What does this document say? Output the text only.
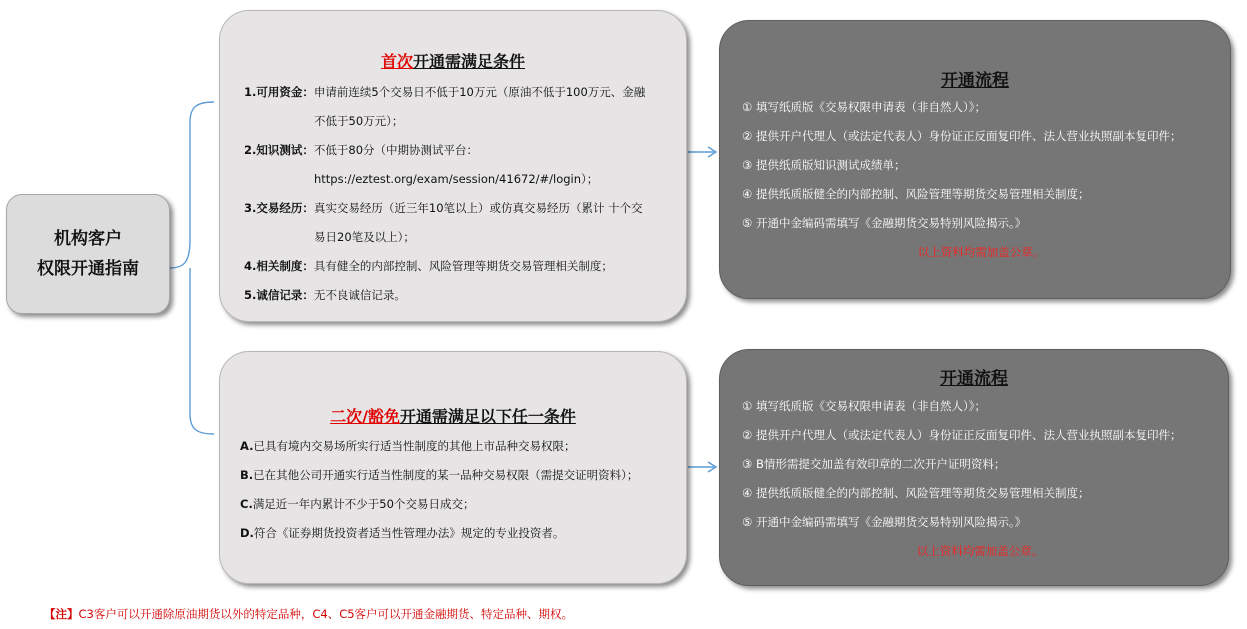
机构客户
权限开通指南
首次开通需满足条件
1.可用资金： 申请前连续5个交易日不低于10万元（原油不低于100万元、金融
不低于50万元）；
2.知识测试： 不低于80分（中期协测试平台：
https://eztest.org/exam/session/41672/#/login）；
3.交易经历： 真实交易经历（近三年10笔以上）或仿真交易经历（累计 十个交
易日20笔及以上）；
4.相关制度： 具有健全的内部控制、风险管理等期货交易管理相关制度；
5.诚信记录： 无不良诚信记录。
二次/豁免开通需满足以下任一条件
A.已具有境内交易场所实行适当性制度的其他上市品种交易权限；
B.已在其他公司开通实行适当性制度的某一品种交易权限（需提交证明资料）；
C.满足近一年内累计不少于50个交易日成交；
D.符合《证券期货投资者适当性管理办法》规定的专业投资者。
开通流程
① 填写纸质版《交易权限申请表（非自然人）》；
② 提供开户代理人（或法定代表人）身份证正反面复印件、法人营业执照副本复印件；
③ 提供纸质版知识测试成绩单；
④ 提供纸质版健全的内部控制、风险管理等期货交易管理相关制度；
⑤ 开通中金编码需填写《金融期货交易特别风险揭示。》
以上资料均需加盖公章。
开通流程
① 填写纸质版《交易权限申请表（非自然人）》；
② 提供开户代理人（或法定代表人）身份证正反面复印件、法人营业执照副本复印件；
③ B情形需提交加盖有效印章的二次开户证明资料；
④ 提供纸质版健全的内部控制、风险管理等期货交易管理相关制度；
⑤ 开通中金编码需填写《金融期货交易特别风险揭示。》
以上资料均需加盖公章。
【注】C3客户可以开通除原油期货以外的特定品种，C4、C5客户可以开通金融期货、特定品种、期权。
